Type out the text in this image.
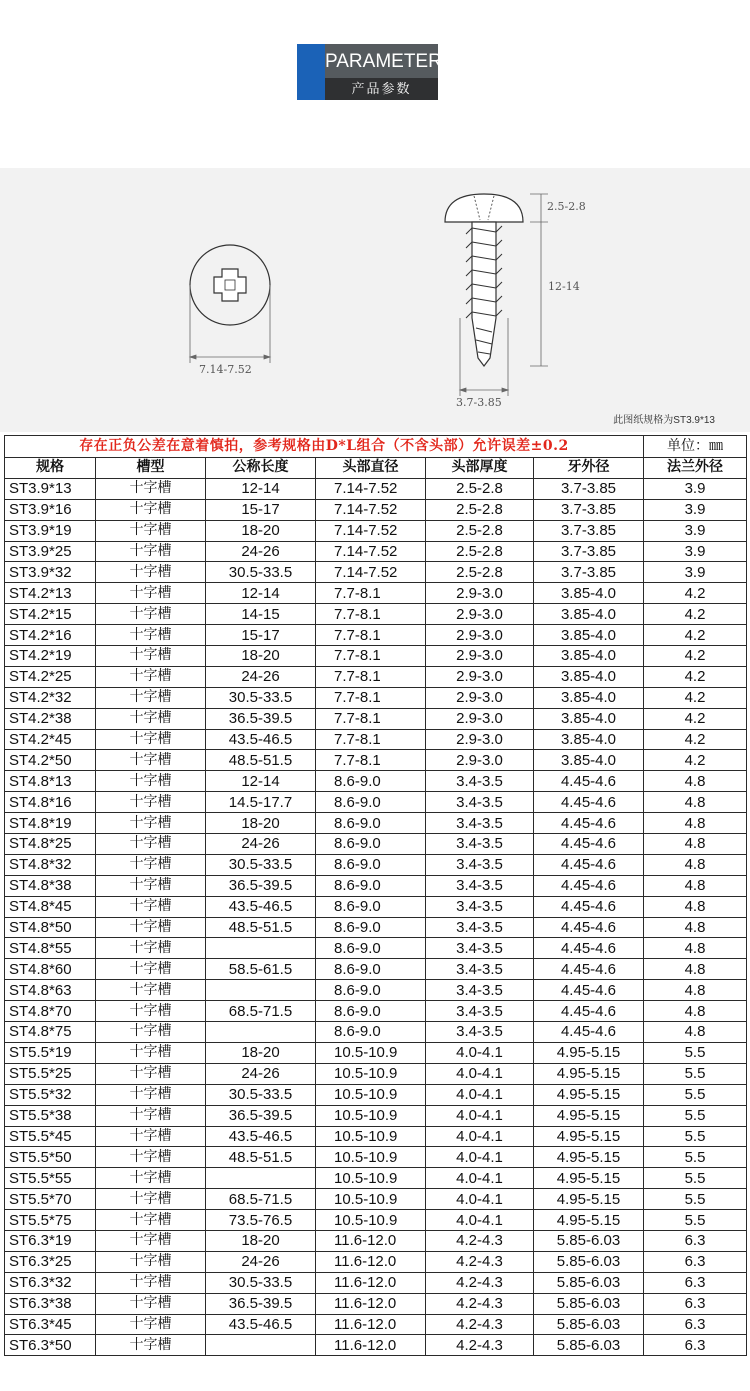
PARAMETER
产品参数
7.14-7.52
2.5-2.8
12-14
3.7-3.85
此图纸规格为ST3.9*13
存在正负公差在意着慎拍，参考规格由D*L组合（不含头部）允许误差±0.2						单位：㎜
规格	槽型	公称长度	头部直径	头部厚度	牙外径	法兰外径
ST3.9*13	十字槽	12-14	7.14-7.52	2.5-2.8	3.7-3.85	3.9
ST3.9*16	十字槽	15-17	7.14-7.52	2.5-2.8	3.7-3.85	3.9
ST3.9*19	十字槽	18-20	7.14-7.52	2.5-2.8	3.7-3.85	3.9
ST3.9*25	十字槽	24-26	7.14-7.52	2.5-2.8	3.7-3.85	3.9
ST3.9*32	十字槽	30.5-33.5	7.14-7.52	2.5-2.8	3.7-3.85	3.9
ST4.2*13	十字槽	12-14	7.7-8.1	2.9-3.0	3.85-4.0	4.2
ST4.2*15	十字槽	14-15	7.7-8.1	2.9-3.0	3.85-4.0	4.2
ST4.2*16	十字槽	15-17	7.7-8.1	2.9-3.0	3.85-4.0	4.2
ST4.2*19	十字槽	18-20	7.7-8.1	2.9-3.0	3.85-4.0	4.2
ST4.2*25	十字槽	24-26	7.7-8.1	2.9-3.0	3.85-4.0	4.2
ST4.2*32	十字槽	30.5-33.5	7.7-8.1	2.9-3.0	3.85-4.0	4.2
ST4.2*38	十字槽	36.5-39.5	7.7-8.1	2.9-3.0	3.85-4.0	4.2
ST4.2*45	十字槽	43.5-46.5	7.7-8.1	2.9-3.0	3.85-4.0	4.2
ST4.2*50	十字槽	48.5-51.5	7.7-8.1	2.9-3.0	3.85-4.0	4.2
ST4.8*13	十字槽	12-14	8.6-9.0	3.4-3.5	4.45-4.6	4.8
ST4.8*16	十字槽	14.5-17.7	8.6-9.0	3.4-3.5	4.45-4.6	4.8
ST4.8*19	十字槽	18-20	8.6-9.0	3.4-3.5	4.45-4.6	4.8
ST4.8*25	十字槽	24-26	8.6-9.0	3.4-3.5	4.45-4.6	4.8
ST4.8*32	十字槽	30.5-33.5	8.6-9.0	3.4-3.5	4.45-4.6	4.8
ST4.8*38	十字槽	36.5-39.5	8.6-9.0	3.4-3.5	4.45-4.6	4.8
ST4.8*45	十字槽	43.5-46.5	8.6-9.0	3.4-3.5	4.45-4.6	4.8
ST4.8*50	十字槽	48.5-51.5	8.6-9.0	3.4-3.5	4.45-4.6	4.8
ST4.8*55	十字槽		8.6-9.0	3.4-3.5	4.45-4.6	4.8
ST4.8*60	十字槽	58.5-61.5	8.6-9.0	3.4-3.5	4.45-4.6	4.8
ST4.8*63	十字槽		8.6-9.0	3.4-3.5	4.45-4.6	4.8
ST4.8*70	十字槽	68.5-71.5	8.6-9.0	3.4-3.5	4.45-4.6	4.8
ST4.8*75	十字槽		8.6-9.0	3.4-3.5	4.45-4.6	4.8
ST5.5*19	十字槽	18-20	10.5-10.9	4.0-4.1	4.95-5.15	5.5
ST5.5*25	十字槽	24-26	10.5-10.9	4.0-4.1	4.95-5.15	5.5
ST5.5*32	十字槽	30.5-33.5	10.5-10.9	4.0-4.1	4.95-5.15	5.5
ST5.5*38	十字槽	36.5-39.5	10.5-10.9	4.0-4.1	4.95-5.15	5.5
ST5.5*45	十字槽	43.5-46.5	10.5-10.9	4.0-4.1	4.95-5.15	5.5
ST5.5*50	十字槽	48.5-51.5	10.5-10.9	4.0-4.1	4.95-5.15	5.5
ST5.5*55	十字槽		10.5-10.9	4.0-4.1	4.95-5.15	5.5
ST5.5*70	十字槽	68.5-71.5	10.5-10.9	4.0-4.1	4.95-5.15	5.5
ST5.5*75	十字槽	73.5-76.5	10.5-10.9	4.0-4.1	4.95-5.15	5.5
ST6.3*19	十字槽	18-20	11.6-12.0	4.2-4.3	5.85-6.03	6.3
ST6.3*25	十字槽	24-26	11.6-12.0	4.2-4.3	5.85-6.03	6.3
ST6.3*32	十字槽	30.5-33.5	11.6-12.0	4.2-4.3	5.85-6.03	6.3
ST6.3*38	十字槽	36.5-39.5	11.6-12.0	4.2-4.3	5.85-6.03	6.3
ST6.3*45	十字槽	43.5-46.5	11.6-12.0	4.2-4.3	5.85-6.03	6.3
ST6.3*50	十字槽		11.6-12.0	4.2-4.3	5.85-6.03	6.3
